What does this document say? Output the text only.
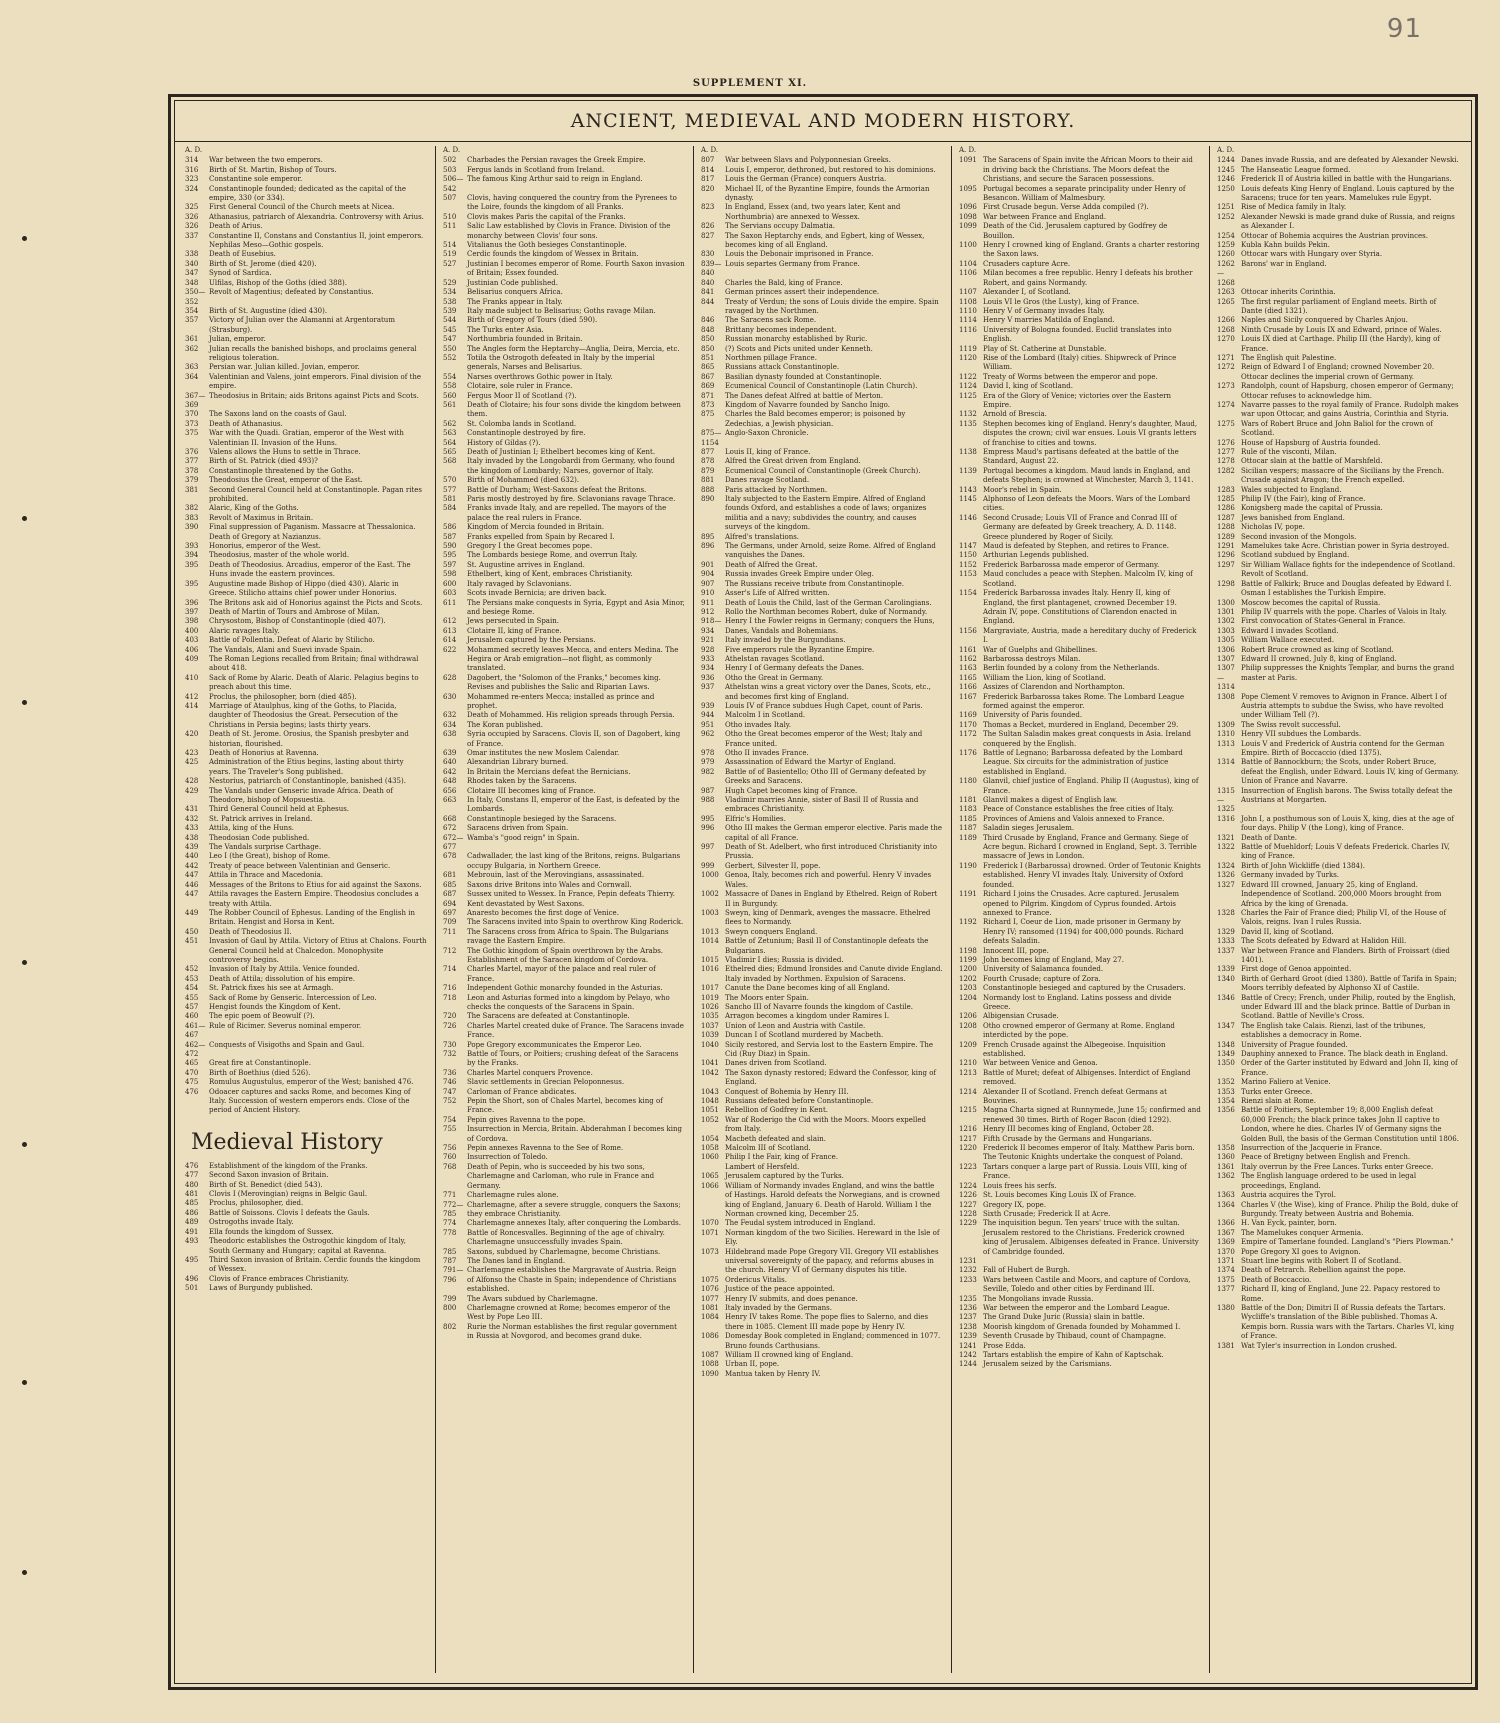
91
SUPPLEMENT XI.
ANCIENT, MEDIEVAL AND MODERN HISTORY.
A. D.
314	War between the two emperors.
316	Birth of St. Martin, Bishop of Tours.
323	Constantine sole emperor.
324	Constantinople founded; dedicated as the capital of the empire, 330 (or 334).
325	First General Council of the Church meets at Nicea.
326	Athanasius, patriarch of Alexandria. Controversy with Arius.
326	Death of Arius.
337	Constantine II, Constans and Constantius II, joint emperors.
Nephilas Meso—Gothic gospels.
338	Death of Eusebius.
340	Birth of St. Jerome (died 420).
347	Synod of Sardica.
348	Ulfilas, Bishop of the Goths (died 388).
350—352
Revolt of Magentius; defeated by Constantius.
354	Birth of St. Augustine (died 430).
357	Victory of Julian over the Alamanni at Argentoratum (Strasburg).
361	Julian, emperor.
362	Julian recalls the banished bishops, and proclaims general religious toleration.
363	Persian war. Julian killed. Jovian, emperor.
364	Valentinian and Valens, joint emperors. Final division of the empire.
367—369
Theodosius in Britain; aids Britons against Picts and Scots.
370	The Saxons land on the coasts of Gaul.
373	Death of Athanasius.
375	War with the Quadi. Gratian, emperor of the West with Valentinian II. Invasion of the Huns.
376	Valens allows the Huns to settle in Thrace.
377	Birth of St. Patrick (died 493)?
378	Constantinople threatened by the Goths.
379	Theodosius the Great, emperor of the East.
381	Second General Council held at Constantinople. Pagan rites prohibited.
382	Alaric, King of the Goths.
383	Revolt of Maximus in Britain.
390	Final suppression of Paganism. Massacre at Thessalonica. Death of Gregory at Nazianzus.
393	Honorius, emperor of the West.
394	Theodosius, master of the whole world.
395	Death of Theodosius. Arcadius, emperor of the East. The Huns invade the eastern provinces.
395	Augustine made Bishop of Hippo (died 430). Alaric in Greece. Stilicho attains chief power under Honorius.
396	The Britons ask aid of Honorius against the Picts and Scots.
397	Death of Martin of Tours and Ambrose of Milan.
398	Chrysostom, Bishop of Constantinople (died 407).
400	Alaric ravages Italy.
403	Battle of Pollentia. Defeat of Alaric by Stilicho.
406	The Vandals, Alani and Suevi invade Spain.
409	The Roman Legions recalled from Britain; final withdrawal about 418.
410	Sack of Rome by Alaric. Death of Alaric. Pelagius begins to preach about this time.
412	Proclus, the philosopher, born (died 485).
414	Marriage of Ataulphus, king of the Goths, to Placida, daughter of Theodosius the Great. Persecution of the Christians in Persia begins; lasts thirty years.
420	Death of St. Jerome. Orosius, the Spanish presbyter and historian, flourished.
423	Death of Honorius at Ravenna.
425	Administration of the Etius begins, lasting about thirty years. The Traveler's Song published.
428	Nestorius, patriarch of Constantinople, banished (435).
429	The Vandals under Genseric invade Africa. Death of Theodore, bishop of Mopsuestia.
431	Third General Council held at Ephesus.
432	St. Patrick arrives in Ireland.
433	Attila, king of the Huns.
438	Theodosian Code published.
439	The Vandals surprise Carthage.
440	Leo I (the Great), bishop of Rome.
442	Treaty of peace between Valentinian and Genseric.
447	Attila in Thrace and Macedonia.
446	Messages of the Britons to Etius for aid against the Saxons.
447	Attila ravages the Eastern Empire. Theodosius concludes a treaty with Attila.
449	The Robber Council of Ephesus. Landing of the English in Britain. Hengist and Horsa in Kent.
450	Death of Theodosius II.
451	Invasion of Gaul by Attila. Victory of Etius at Chalons. Fourth General Council held at Chalcedon. Monophysite controversy begins.
452	Invasion of Italy by Attila. Venice founded.
453	Death of Attila; dissolution of his empire.
454	St. Patrick fixes his see at Armagh.
455	Sack of Rome by Genseric. Intercession of Leo.
457	Hengist founds the Kingdom of Kent.
460	The epic poem of Beowulf (?).
461—467
Rule of Ricimer. Severus nominal emperor.
462—472
Conquests of Visigoths and Spain and Gaul.
465	Great fire at Constantinople.
470	Birth of Boethius (died 526).
475	Romulus Augustulus, emperor of the West; banished 476.
476	Odoacer captures and sacks Rome, and becomes King of Italy. Succession of western emperors ends. Close of the period of Ancient History.
Medieval History
476	Establishment of the kingdom of the Franks.
477	Second Saxon invasion of Britain.
480	Birth of St. Benedict (died 543).
481	Clovis I (Merovingian) reigns in Belgic Gaul.
485	Proclus, philosopher, died.
486	Battle of Soissons. Clovis I defeats the Gauls.
489	Ostrogoths invade Italy.
491	Ella founds the kingdom of Sussex.
493	Theodoric establishes the Ostrogothic kingdom of Italy, South Germany and Hungary; capital at Ravenna.
495	Third Saxon invasion of Britain. Cerdic founds the kingdom of Wessex.
496	Clovis of France embraces Christianity.
501	Laws of Burgundy published.
A. D.
502	Charbades the Persian ravages the Greek Empire.
503	Fergus lands in Scotland from Ireland.
506—542
The famous King Arthur said to reign in England.
507	Clovis, having conquered the country from the Pyrenees to the Loire, founds the kingdom of all Franks.
510	Clovis makes Paris the capital of the Franks.
511	Salic Law established by Clovis in France. Division of the monarchy between Clovis' four sons.
514	Vitalianus the Goth besieges Constantinople.
519	Cerdic founds the kingdom of Wessex in Britain.
527	Justinian I becomes emperor of Rome. Fourth Saxon invasion of Britain; Essex founded.
529	Justinian Code published.
534	Belisarius conquers Africa.
538	The Franks appear in Italy.
539	Italy made subject to Belisarius; Goths ravage Milan.
544	Birth of Gregory of Tours (died 590).
545	The Turks enter Asia.
547	Northumbria founded in Britain.
550	The Angles form the Heptarchy—Anglia, Deira, Mercia, etc.
552	Totila the Ostrogoth defeated in Italy by the imperial generals, Narses and Belisarius.
554	Narses overthrows Gothic power in Italy.
558	Clotaire, sole ruler in France.
560	Fergus Moor II of Scotland (?).
561	Death of Clotaire; his four sons divide the kingdom between them.
562	St. Colomba lands in Scotland.
563	Constantinople destroyed by fire.
564	History of Gildas (?).
565	Death of Justinian I; Ethelbert becomes king of Kent.
568	Italy invaded by the Longobardi from Germany, who found the kingdom of Lombardy; Narses, governor of Italy.
570	Birth of Mohammed (died 632).
577	Battle of Durham; West-Saxons defeat the Britons.
581	Paris mostly destroyed by fire. Sclavonians ravage Thrace.
584	Franks invade Italy, and are repelled. The mayors of the palace the real rulers in France.
586	Kingdom of Mercia founded in Britain.
587	Franks expelled from Spain by Recared I.
590	Gregory I the Great becomes pope.
595	The Lombards besiege Rome, and overrun Italy.
597	St. Augustine arrives in England.
598	Ethelbert, king of Kent, embraces Christianity.
600	Italy ravaged by Sclavonians.
603	Scots invade Bernicia; are driven back.
611	The Persians make conquests in Syria, Egypt and Asia Minor, and besiege Rome.
612	Jews persecuted in Spain.
613	Clotaire II, king of France.
614	Jerusalem captured by the Persians.
622	Mohammed secretly leaves Mecca, and enters Medina. The Hegira or Arab emigration—not flight, as commonly translated.
628	Dagobert, the "Solomon of the Franks," becomes king. Revises and publishes the Salic and Riparian Laws.
630	Mohammed re-enters Mecca; installed as prince and prophet.
632	Death of Mohammed. His religion spreads through Persia.
634	The Koran published.
638	Syria occupied by Saracens. Clovis II, son of Dagobert, king of France.
639	Omar institutes the new Moslem Calendar.
640	Alexandrian Library burned.
642	In Britain the Mercians defeat the Bernicians.
648	Rhodes taken by the Saracens.
656	Clotaire III becomes king of France.
663	In Italy, Constans II, emperor of the East, is defeated by the Lombards.
668	Constantinople besieged by the Saracens.
672	Saracens driven from Spain.
672—677
Wamba's "good reign" in Spain.
678	Cadwallader, the last king of the Britons, reigns. Bulgarians occupy Bulgaria, in Northern Greece.
681	Mebrouin, last of the Merovingians, assassinated.
685	Saxons drive Britons into Wales and Cornwall.
687	Sussex united to Wessex. In France, Pepin defeats Thierry.
694	Kent devastated by West Saxons.
697	Anaresto becomes the first doge of Venice.
709	The Saracens invited into Spain to overthrow King Roderick.
711	The Saracens cross from Africa to Spain. The Bulgarians ravage the Eastern Empire.
712	The Gothic kingdom of Spain overthrown by the Arabs. Establishment of the Saracen kingdom of Cordova.
714	Charles Martel, mayor of the palace and real ruler of France.
716	Independent Gothic monarchy founded in the Asturias.
718	Leon and Asturias formed into a kingdom by Pelayo, who checks the conquests of the Saracens in Spain.
720	The Saracens are defeated at Constantinople.
726	Charles Martel created duke of France. The Saracens invade France.
730	Pope Gregory excommunicates the Emperor Leo.
732	Battle of Tours, or Poitiers; crushing defeat of the Saracens by the Franks.
736	Charles Martel conquers Provence.
746	Slavic settlements in Grecian Peloponnesus.
747	Carloman of France abdicates.
752	Pepin the Short, son of Chales Martel, becomes king of France.
754	Pepin gives Ravenna to the pope.
755	Insurrection in Mercia, Britain. Abderahman I becomes king of Cordova.
756	Pepin annexes Ravenna to the See of Rome.
760	Insurrection of Toledo.
768	Death of Pepin, who is succeeded by his two sons, Charlemagne and Carloman, who rule in France and Germany.
771	Charlemagne rules alone.
772—785
Charlemagne, after a severe struggle, conquers the Saxons; they embrace Christianity.
774	Charlemagne annexes Italy, after conquering the Lombards.
778	Battle of Roncesvalles. Beginning of the age of chivalry. Charlemagne unsuccessfully invades Spain.
785	Saxons, subdued by Charlemagne, become Christians.
787	The Danes land in England.
791—796
Charlemagne establishes the Margravate of Austria. Reign of Alfonso the Chaste in Spain; independence of Christians established.
799	The Avars subdued by Charlemagne.
800	Charlemagne crowned at Rome; becomes emperor of the West by Pope Leo III.
802	Rurie the Norman establishes the first regular government in Russia at Novgorod, and becomes grand duke.
A. D.
807	War between Slavs and Polyponnesian Greeks.
814	Louis I, emperor, dethroned, but restored to his dominions.
817	Louis the German (France) conquers Austria.
820	Michael II, of the Byzantine Empire, founds the Armorian dynasty.
823	In England, Essex (and, two years later, Kent and Northumbria) are annexed to Wessex.
826	The Servians occupy Dalmatia.
827	The Saxon Heptarchy ends, and Egbert, king of Wessex, becomes king of all England.
830	Louis the Debonair imprisoned in France.
839—840
Louis separtes Germany from France.
840	Charles the Bald, king of France.
841	German princes assert their independence.
844	Treaty of Verdun; the sons of Louis divide the empire. Spain ravaged by the Northmen.
846	The Saracens sack Rome.
848	Brittany becomes independent.
850	Russian monarchy established by Ruric.
850	(?) Scots and Picts united under Kenneth.
851	Northmen pillage France.
865	Russians attack Constantinople.
867	Basilian dynasty founded at Constantinople.
869	Ecumenical Council of Constantinople (Latin Church).
871	The Danes defeat Alfred at battle of Merton.
873	Kingdom of Navarre founded by Sancho Inigo.
875	Charles the Bald becomes emperor; is poisoned by Zedechias, a Jewish physician.
875—1154
Anglo-Saxon Chronicle.
877	Louis II, king of France.
878	Alfred the Great driven from England.
879	Ecumenical Council of Constantinople (Greek Church).
881	Danes ravage Scotland.
888	Paris attacked by Northmen.
890	Italy subjected to the Eastern Empire. Alfred of England founds Oxford, and establishes a code of laws; organizes militia and a navy; subdivides the country, and causes surveys of the kingdom.
895	Alfred's translations.
896	The Germans, under Arnold, seize Rome. Alfred of England vanquishes the Danes.
901	Death of Alfred the Great.
904	Russia invades Greek Empire under Oleg.
907	The Russians receive tribute from Constantinople.
910	Asser's Life of Alfred written.
911	Death of Louis the Child, last of the German Carolingians.
912	Rollo the Northman becomes Robert, duke of Normandy.
918—934
Henry I the Fowler reigns in Germany; conquers the Huns, Danes, Vandals and Bohemians.
921	Italy invaded by the Burgundians.
928	Five emperors rule the Byzantine Empire.
933	Athelstan ravages Scotland.
934	Henry I of Germany defeats the Danes.
936	Otho the Great in Germany.
937	Athelstan wins a great victory over the Danes, Scots, etc., and becomes first king of England.
939	Louis IV of France subdues Hugh Capet, count of Paris.
944	Malcolm I in Scotland.
951	Otho invades Italy.
962	Otho the Great becomes emperor of the West; Italy and France united.
978	Otho II invades France.
979	Assassination of Edward the Martyr of England.
982	Battle of of Basientello; Otho III of Germany defeated by Greeks and Saracens.
987	Hugh Capet becomes king of France.
988	Vladimir marries Annie, sister of Basil II of Russia and embraces Christianity.
995	Elfric's Homilies.
996	Otho III makes the German emperor elective. Paris made the capital of all France.
997	Death of St. Adelbert, who first introduced Christianity into Prussia.
999	Gerbert, Silvester II, pope.
1000 Genoa, Italy, becomes rich and powerful. Henry V invades Wales.
1002 Massacre of Danes in England by Ethelred. Reign of Robert II in Burgundy.
1003 Sweyn, king of Denmark, avenges the massacre. Ethelred flees to Normandy.
1013 Sweyn conquers England.
1014 Battle of Zetunium; Basil II of Constantinople defeats the Bulgarians.
1015 Vladimir I dies; Russia is divided.
1016 Ethelred dies; Edmund Ironsides and Canute divide England. Italy invaded by Northmen. Expulsion of Saracens.
1017 Canute the Dane becomes king of all England.
1019 The Moors enter Spain.
1026 Sancho III of Navarre founds the kingdom of Castile.
1035 Arragon becomes a kingdom under Ramires I.
1037 Union of Leon and Austria with Castile.
1039 Duncan I of Scotland murdered by Macbeth.
1040 Sicily restored, and Servia lost to the Eastern Empire. The Cid (Ruy Diaz) in Spain.
1041 Danes driven from Scotland.
1042 The Saxon dynasty restored; Edward the Confessor, king of England.
1043 Conquest of Bohemia by Henry III.
1048 Russians defeated before Constantinople.
1051 Rebellion of Godfrey in Kent.
1052 War of Roderigo the Cid with the Moors. Moors expelled from Italy.
1054 Macbeth defeated and slain.
1058 Malcolm III of Scotland.
1060 Philip I the Fair, king of France.
Lambert of Hersfeld.
1065 Jerusalem captured by the Turks.
1066 William of Normandy invades England, and wins the battle of Hastings. Harold defeats the Norwegians, and is crowned king of England, January 6. Death of Harold. William I the Norman crowned king, December 25.
1070 The Feudal system introduced in England.
1071 Norman kingdom of the two Sicilies. Hereward in the Isle of Ely.
1073 Hildebrand made Pope Gregory VII. Gregory VII establishes universal sovereignty of the papacy, and reforms abuses in the church. Henry VI of Germany disputes his title.
1075 Ordericus Vitalis.
1076 Justice of the peace appointed.
1077 Henry IV submits, and does penance.
1081 Italy invaded by the Germans.
1084 Henry IV takes Rome. The pope flies to Salerno, and dies there in 1085. Clement III made pope by Henry IV.
1086 Domesday Book completed in England; commenced in 1077. Bruno founds Carthusians.
1087 William II crowned king of England.
1088 Urban II, pope.
1090 Mantua taken by Henry IV.
A. D.
1091 The Saracens of Spain invite the African Moors to their aid in driving back the Christians. The Moors defeat the Christians, and secure the Saracen possessions.
1095 Portugal becomes a separate principality under Henry of Besancon. William of Malmesbury.
1096 First Crusade begun. Verse Adda compiled (?).
1098 War between France and England.
1099 Death of the Cid. Jerusalem captured by Godfrey de Bouillon.
1100 Henry I crowned king of England. Grants a charter restoring the Saxon laws.
1104 Crusaders capture Acre.
1106 Milan becomes a free republic. Henry I defeats his brother Robert, and gains Normandy.
1107 Alexander I, of Scotland.
1108 Louis VI le Gros (the Lusty), king of France.
1110 Henry V of Germany invades Italy.
1114 Henry V marries Matilda of England.
1116 University of Bologna founded. Euclid translates into English.
1119 Play of St. Catherine at Dunstable.
1120 Rise of the Lombard (Italy) cities. Shipwreck of Prince William.
1122 Treaty of Worms between the emperor and pope.
1124 David I, king of Scotland.
1125 Era of the Glory of Venice; victories over the Eastern Empire.
1132 Arnold of Brescia.
1135 Stephen becomes king of England. Henry's daughter, Maud, disputes the crown; civil war ensues. Louis VI grants letters of franchise to cities and towns.
1138 Empress Maud's partisans defeated at the battle of the Standard, August 22.
1139 Portugal becomes a kingdom. Maud lands in England, and defeats Stephen; is crowned at Winchester, March 3, 1141.
1143 Moor's rebel in Spain.
1145 Alphonso of Leon defeats the Moors. Wars of the Lombard cities.
1146 Second Crusade; Louis VII of France and Conrad III of Germany are defeated by Greek treachery, A. D. 1148. Greece plundered by Roger of Sicily.
1147 Maud is defeated by Stephen, and retires to France.
1150 Arthurian Legends published.
1152 Frederick Barbarossa made emperor of Germany.
1153 Maud concludes a peace with Stephen. Malcolm IV, king of Scotland.
1154 Frederick Barbarossa invades Italy. Henry II, king of England, the first plantagenet, crowned December 19. Adrain IV, pope. Constitutions of Clarendon enacted in England.
1156 Margraviate, Austria, made a hereditary duchy of Frederick I.
1161 War of Guelphs and Ghibellines.
1162 Barbarossa destroys Milan.
1163 Berlin founded by a colony from the Netherlands.
1165 William the Lion, king of Scotland.
1166 Assizes of Clarendon and Northampton.
1167 Frederick Barbarossa takes Rome. The Lombard League formed against the emperor.
1169 University of Paris founded.
1170 Thomas a Becket, murdered in England, December 29.
1172 The Sultan Saladin makes great conquests in Asia. Ireland conquered by the English.
1176 Battle of Legnano; Barbarossa defeated by the Lombard League. Six circuits for the administration of justice established in England.
1180 Glanvil, chief justice of England. Philip II (Augustus), king of France.
1181 Glanvil makes a digest of English law.
1183 Peace of Constance establishes the free cities of Italy.
1185 Provinces of Amiens and Valois annexed to France.
1187 Saladin sieges Jerusalem.
1189 Third Crusade by England, France and Germany. Siege of Acre begun. Richard I crowned in England, Sept. 3. Terrible massacre of Jews in London.
1190 Frederick I (Barbarossa) drowned. Order of Teutonic Knights established. Henry VI invades Italy. University of Oxford founded.
1191 Richard I joins the Crusades. Acre captured. Jerusalem opened to Pilgrim. Kingdom of Cyprus founded. Artois annexed to France.
1192 Richard I, Coeur de Lion, made prisoner in Germany by Henry IV; ransomed (1194) for 400,000 pounds. Richard defeats Saladin.
1198 Innocent III, pope.
1199 John becomes king of England, May 27.
1200 University of Salamanca founded.
1202 Fourth Crusade; capture of Zora.
1203 Constantinople besieged and captured by the Crusaders.
1204 Normandy lost to England. Latins possess and divide Greece.
1206 Albigensian Crusade.
1208 Otho crowned emperor of Germany at Rome. England interdicted by the pope.
1209 French Crusade against the Albegeoise. Inquisition established.
1210 War between Venice and Genoa.
1213 Battle of Muret; defeat of Albigenses. Interdict of England removed.
1214 Alexander II of Scotland. French defeat Germans at Bouvines.
1215 Magna Charta signed at Runnymede, June 15; confirmed and renewed 30 times. Birth of Roger Bacon (died 1292).
1216 Henry III becomes king of England, October 28.
1217 Fifth Crusade by the Germans and Hungarians.
1220 Frederick II becomes emperor of Italy. Matthew Paris born. The Teutonic Knights undertake the conquest of Poland.
1223 Tartars conquer a large part of Russia. Louis VIII, king of France.
1224 Louis frees his serfs.
1226 St. Louis becomes King Louis IX of France.
1227 Gregory IX, pope.
1228 Sixth Crusade; Frederick II at Acre.
1229 The inquisition begun. Ten years' truce with the sultan. Jerusalem restored to the Christians. Frederick crowned king of Jerusalem. Albigenses defeated in France. University of Cambridge founded.
1231
1232 Fall of Hubert de Burgh.
1233 Wars between Castile and Moors, and capture of Cordova, Seville, Toledo and other cities by Ferdinand III.
1235 The Mongolians invade Russia.
1236 War between the emperor and the Lombard League.
1237 The Grand Duke Juric (Russia) slain in battle.
1238 Moorish kingdom of Grenada founded by Mohammed I.
1239 Seventh Crusade by Thibaud, count of Champagne.
1241 Prose Edda.
1242 Tartars establish the empire of Kahn of Kaptschak.
1244 Jerusalem seized by the Carismians.
A. D.
1244 Danes invade Russia, and are defeated by Alexander Newski.
1245 The Hanseatic League formed.
1246 Frederick II of Austria killed in battle with the Hungarians.
1250 Louis defeats King Henry of England. Louis captured by the Saracens; truce for ten years. Mamelukes rule Egypt.
1251 Rise of Medica family in Italy.
1252 Alexander Newski is made grand duke of Russia, and reigns as Alexander I.
1254 Ottocar of Bohemia acquires the Austrian provinces.
1259 Kubla Kahn builds Pekin.
1260 Ottocar wars with Hungary over Styria.
1262—1268
Barons' war in England.
1263 Ottocar inherits Corinthia.
1265 The first regular parliament of England meets. Birth of Dante (died 1321).
1266 Naples and Sicily conquered by Charles Anjou.
1268 Ninth Crusade by Louis IX and Edward, prince of Wales.
1270 Louis IX died at Carthage. Philip III (the Hardy), king of France.
1271 The English quit Palestine.
1272 Reign of Edward I of England; crowned November 20. Ottocar declines the imperial crown of Germany.
1273 Randolph, count of Hapsburg, chosen emperor of Germany; Ottocar refuses to acknowledge him.
1274 Navarre passes to the royal family of France. Rudolph makes war upon Ottocar, and gains Austria, Corinthia and Styria.
1275 Wars of Robert Bruce and John Baliol for the crown of Scotland.
1276 House of Hapsburg of Austria founded.
1277 Rule of the visconti, Milan.
1278 Ottocar slain at the battle of Marshfeld.
1282 Sicilian vespers; massacre of the Sicilians by the French. Crusade against Aragon; the French expelled.
1283 Wales subjected to England.
1285 Philip IV (the Fair), king of France.
1286 Konigsberg made the capital of Prussia.
1287 Jews banished from England.
1288 Nicholas IV, pope.
1289 Second invasion of the Mongols.
1291 Mamelukes take Acre. Christian power in Syria destroyed.
1296 Scotland subdued by England.
1297 Sir William Wallace fights for the independence of Scotland. Revolt of Scotland.
1298 Battle of Falkirk; Bruce and Douglas defeated by Edward I. Osman I establishes the Turkish Empire.
1300 Moscow becomes the capital of Russia.
1301 Philip IV quarrels with the pope. Charles of Valois in Italy.
1302 First convocation of States-General in France.
1303 Edward I invades Scotland.
1305 William Wallace executed.
1306 Robert Bruce crowned as king of Scotland.
1307 Edward II crowned, July 8, king of England.
1307—1314
Philip suppresses the Knights Templar, and burns the grand master at Paris.
1308 Pope Clement V removes to Avignon in France. Albert I of Austria attempts to subdue the Swiss, who have revolted under William Tell (?).
1309 The Swiss revolt successful.
1310 Henry VII subdues the Lombards.
1313 Louis V and Frederick of Austria contend for the German Empire. Birth of Boccaccio (died 1375).
1314 Battle of Bannockburn; the Scots, under Robert Bruce, defeat the English, under Edward. Louis IV, king of Germany. Union of France and Navarre.
1315—1325
Insurrection of English barons. The Swiss totally defeat the Austrians at Morgarten.
1316 John I, a posthumous son of Louis X, king, dies at the age of four days. Philip V (the Long), king of France.
1321 Death of Dante.
1322 Battle of Muehldorf; Louis V defeats Frederick. Charles IV, king of France.
1324 Birth of John Wickliffe (died 1384).
1326 Germany invaded by Turks.
1327 Edward III crowned, January 25, king of England. Independence of Scotland. 200,000 Moors brought from Africa by the king of Grenada.
1328 Charles the Fair of France died; Philip VI, of the House of Valois, reigns. Ivan I rules Russia.
1329 David II, king of Scotland.
1333 The Scots defeated by Edward at Halidon Hill.
1337 War between France and Flanders. Birth of Froissart (died 1401).
1339 First doge of Genoa appointed.
1340 Birth of Gerhard Groot (died 1380). Battle of Tarifa in Spain; Moors terribly defeated by Alphonso XI of Castile.
1346 Battle of Crecy; French, under Philip, routed by the English, under Edward III and the black prince. Battle of Durban in Scotland. Battle of Neville's Cross.
1347 The English take Calais. Rienzi, last of the tribunes, establishes a democracy in Rome.
1348 University of Prague founded.
1349 Dauphiny annexed to France. The black death in England.
1350 Order of the Garter instituted by Edward and John II, king of France.
1352 Marino Faliero at Venice.
1353 Turks enter Greece.
1354 Rienzi slain at Rome.
1356 Battle of Poitiers, September 19; 8,000 English defeat 60,000 French; the black prince takes John II captive to London, where he dies. Charles IV of Germany signs the Golden Bull, the basis of the German Constitution until 1806.
1358 Insurrection of the Jacquerie in France.
1360 Peace of Bretigny between English and French.
1361 Italy overrun by the Free Lances. Turks enter Greece.
1362 The English language ordered to be used in legal proceedings, England.
1363 Austria acquires the Tyrol.
1364 Charles V (the Wise), king of France. Philip the Bold, duke of Burgundy. Treaty between Austria and Bohemia.
1366 H. Van Eyck, painter, born.
1367 The Mamelukes conquer Armenia.
1369 Empire of Tamerlane founded. Langland's "Piers Plowman."
1370 Pope Gregory XI goes to Avignon.
1371 Stuart line begins with Robert II of Scotland.
1374 Death of Petrarch. Rebellion against the pope.
1375 Death of Boccaccio.
1377 Richard II, king of England, June 22. Papacy restored to Rome.
1380 Battle of the Don; Dimitri II of Russia defeats the Tartars. Wycliffe's translation of the Bible published. Thomas A. Kempis born. Russia wars with the Tartars. Charles VI, king of France.
1381 Wat Tyler's insurrection in London crushed.
